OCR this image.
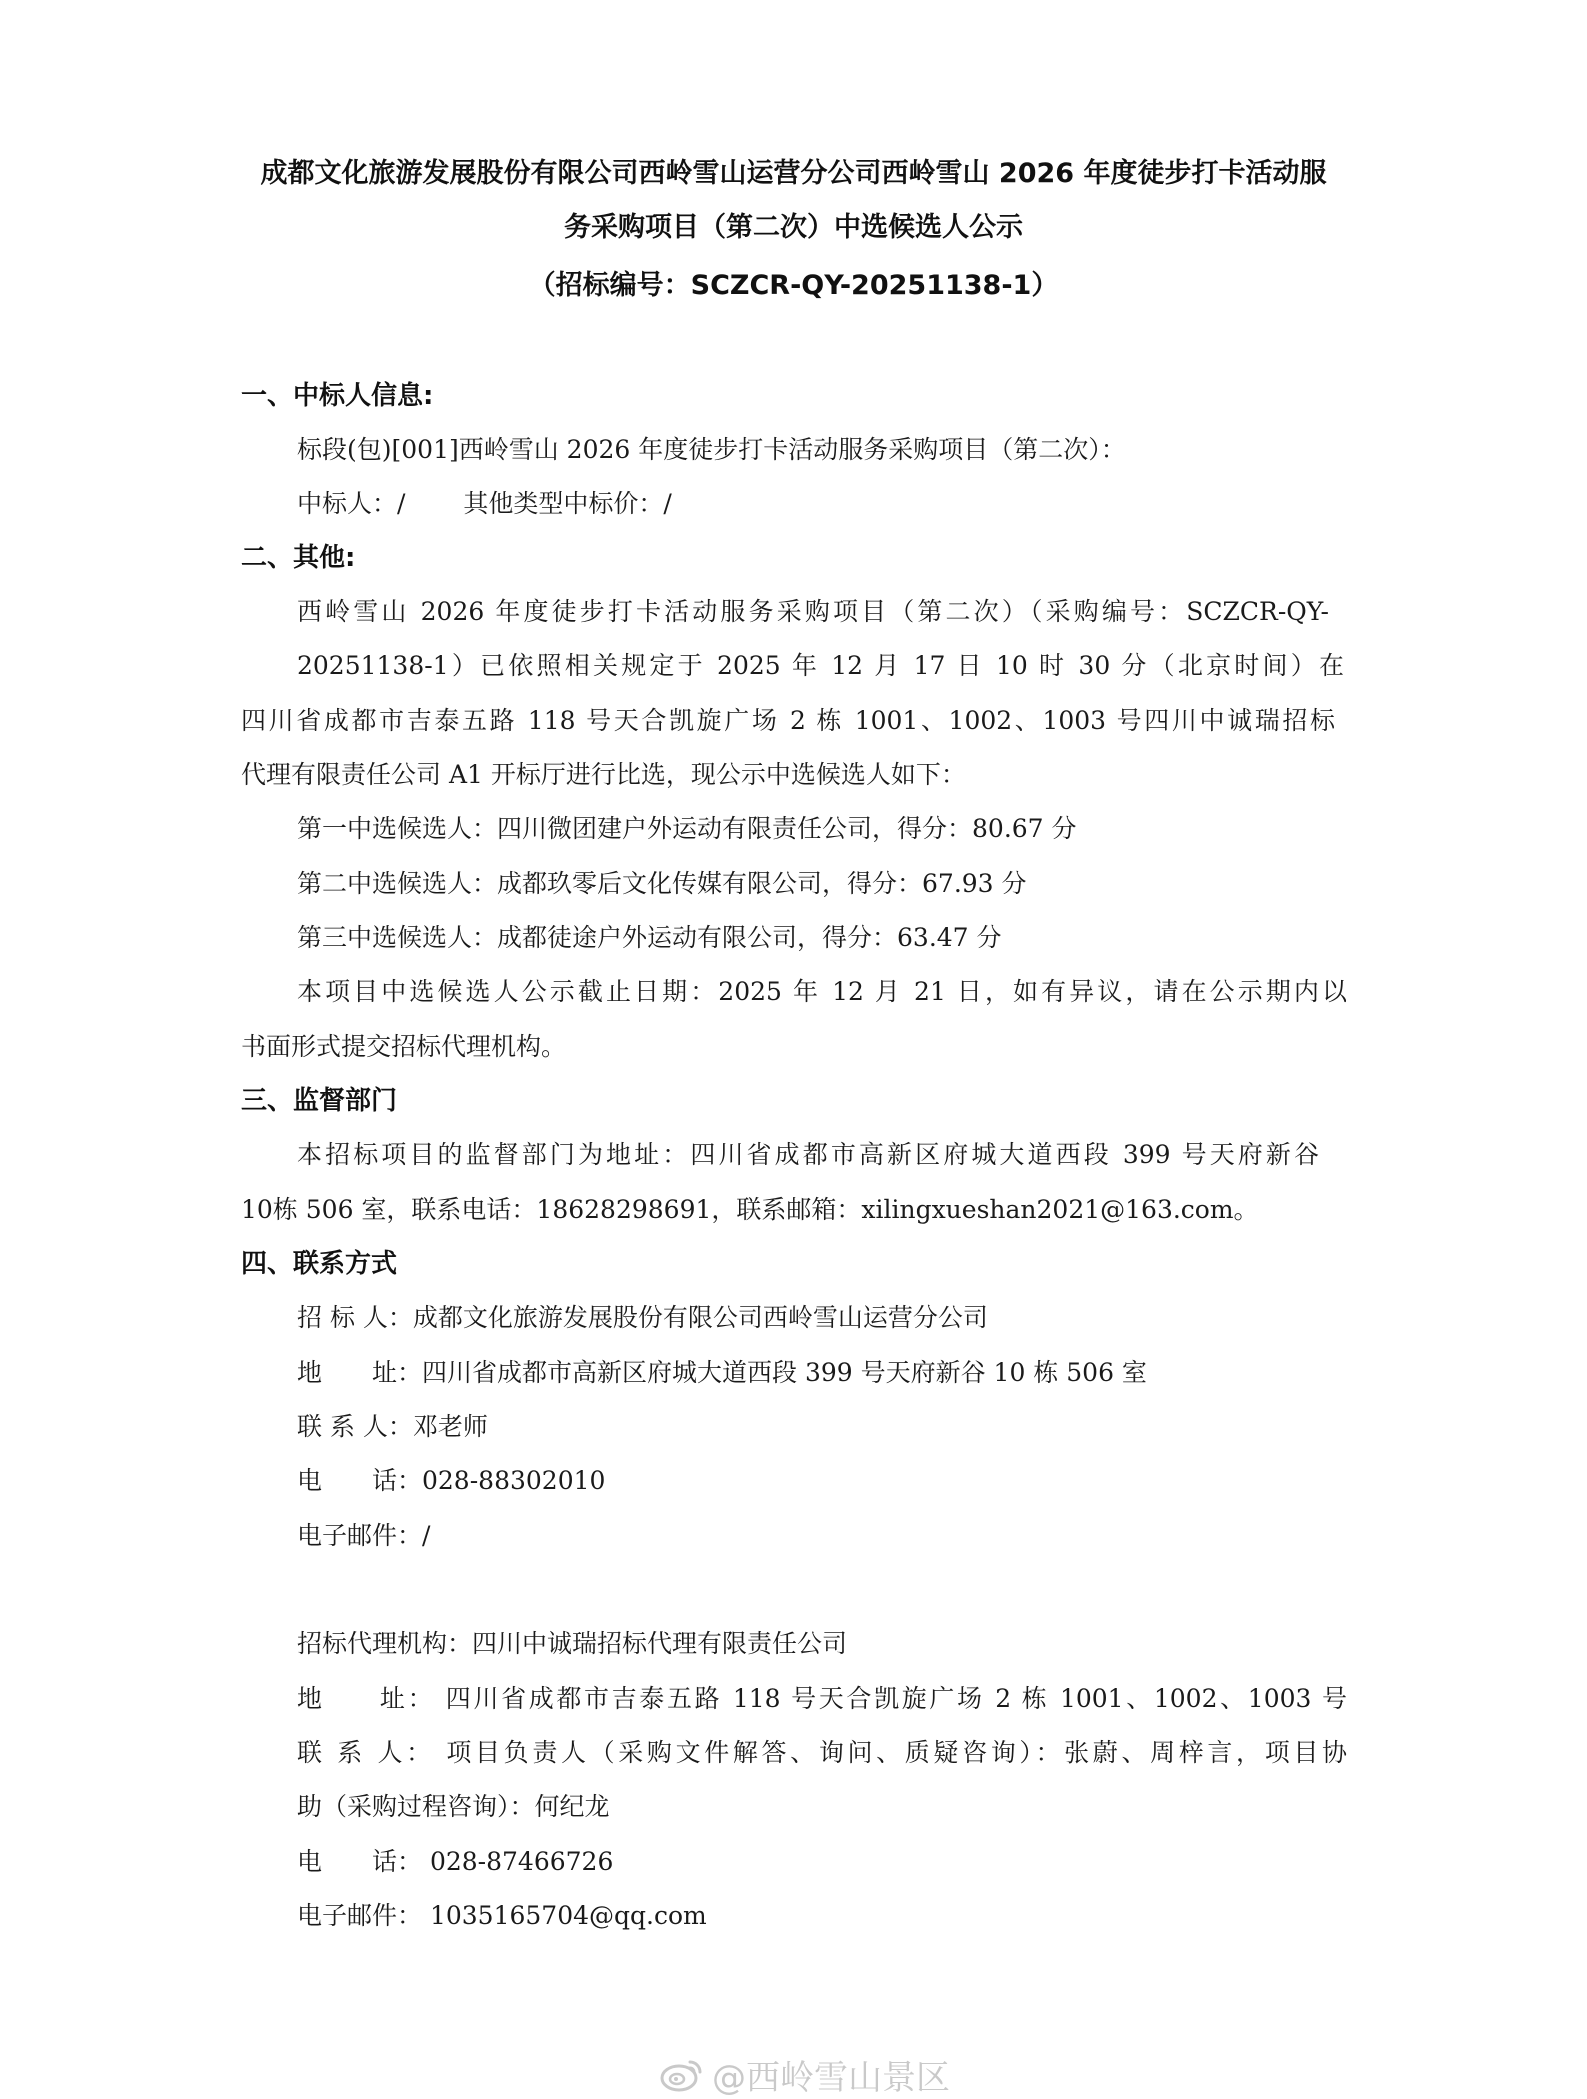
成都文化旅游发展股份有限公司西岭雪山运营分公司西岭雪山 2026 年度徒步打卡活动服
务采购项目（第二次）中选候选人公示
（招标编号：SCZCR-QY-20251138-1）
一、中标人信息:
标段(包)[001]西岭雪山 2026 年度徒步打卡活动服务采购项目（第二次）：
中标人：/　　 其他类型中标价：/
二、其他:
西岭雪山 2026 年度徒步打卡活动服务采购项目（第二次）（采购编号：SCZCR-QY-
20251138-1）已依照相关规定于 2025 年 12 月 17 日 10 时 30 分（北京时间）在
四川省成都市吉泰五路 118 号天合凯旋广场 2 栋 1001、1002、1003 号四川中诚瑞招标
代理有限责任公司 A1 开标厅进行比选，现公示中选候选人如下：
第一中选候选人：四川微团建户外运动有限责任公司，得分：80.67 分
第二中选候选人：成都玖零后文化传媒有限公司，得分：67.93 分
第三中选候选人：成都徒途户外运动有限公司，得分：63.47 分
本项目中选候选人公示截止日期：2025 年 12 月 21 日，如有异议，请在公示期内以
书面形式提交招标代理机构。
三、监督部门
本招标项目的监督部门为地址：四川省成都市高新区府城大道西段 399 号天府新谷
10栋 506 室，联系电话：18628298691，联系邮箱：xilingxueshan2021@163.com。
四、联系方式
招 标 人：成都文化旅游发展股份有限公司西岭雪山运营分公司
地　　址：四川省成都市高新区府城大道西段 399 号天府新谷 10 栋 506 室
联 系 人：邓老师
电　　话：028-88302010
电子邮件：/
招标代理机构：四川中诚瑞招标代理有限责任公司
地　　址： 四川省成都市吉泰五路 118 号天合凯旋广场 2 栋 1001、1002、1003 号
联 系 人： 项目负责人（采购文件解答、询问、质疑咨询）：张蔚、周梓言，项目协
助（采购过程咨询）：何纪龙
电　　话： 028-87466726
电子邮件： 1035165704@qq.com
@西岭雪山景区
